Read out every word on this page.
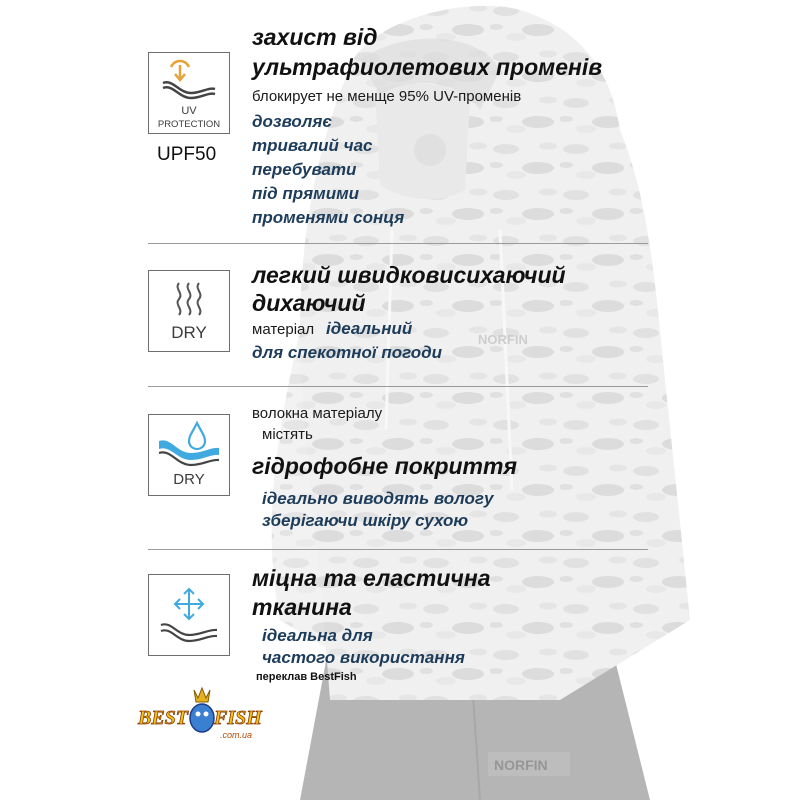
NORFIN
NORFIN
UV
PROTECTION
UPF50
захист від
ультрафиолетових променів
блокирует не менще 95% UV-променів
дозволяє
тривалий час
перебувати
під прямими
променями сонця
DRY
легкий швидковисихаючий
дихаючий
матеріал ідеальний
для спекотної погоди
DRY
волокна матеріалу
містять
гідрофобне покриття
ідеально виводять вологу
зберігаючи шкіру сухою
міцна та еластична
тканина
ідеальна для
частого використання
переклав BestFish
BEST FISH
.com.ua
